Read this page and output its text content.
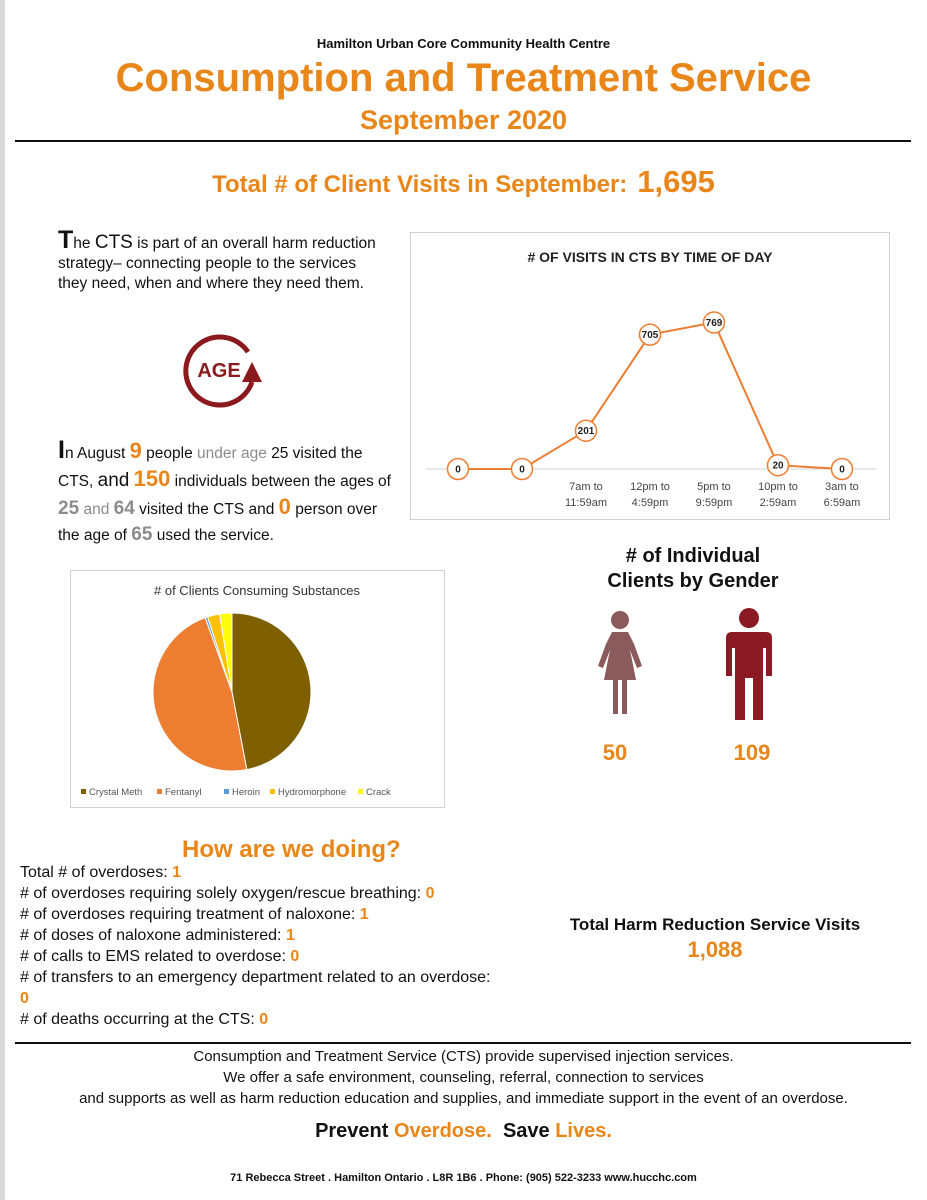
Hamilton Urban Core Community Health Centre
Consumption and Treatment Service
September 2020
Total # of Client Visits in September: 1,695
The CTS is part of an overall harm reduction strategy– connecting people to the services they need, when and where they need them.
AGE
In August 9 people under age 25 visited the CTS, and 150 individuals between the ages of 25 and 64 visited the CTS and 0 person over the age of 65 used the service.
# OF VISITS IN CTS BY TIME OF DAY
0	0
201
7am to
11:59am
705
12pm to
4:59pm
769
5pm to
9:59pm
20
10pm to
2:59am
0
3am to
6:59am
# of Clients Consuming Substances
Crystal Meth Fentanyl	Heroin Hydromorphone Crack
# of Individual
Clients by Gender
50	109
How are we doing?
Total # of overdoses: 1
# of overdoses requiring solely oxygen/rescue breathing: 0
# of overdoses requiring treatment of naloxone: 1
# of doses of naloxone administered: 1
# of calls to EMS related to overdose: 0
# of transfers to an emergency department related to an overdose: 0
# of deaths occurring at the CTS: 0
Total Harm Reduction Service Visits
1,088
Consumption and Treatment Service (CTS) provide supervised injection services.
We offer a safe environment, counseling, referral, connection to services
and supports as well as harm reduction education and supplies, and immediate support in the event of an overdose.
Prevent Overdose.  Save Lives.
71 Rebecca Street . Hamilton Ontario . L8R 1B6 . Phone: (905) 522-3233 www.hucchc.com
